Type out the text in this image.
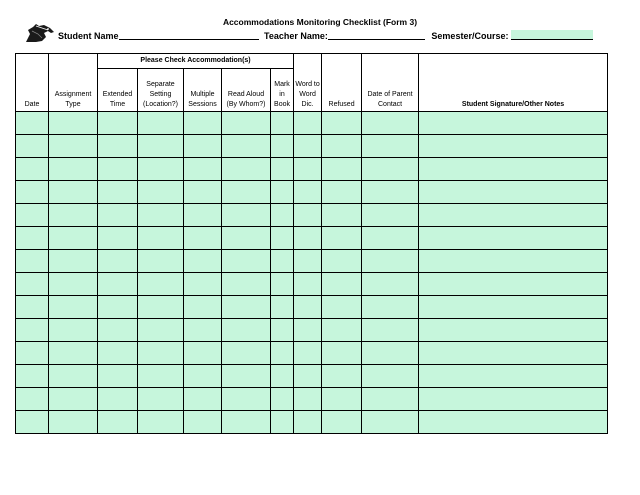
Accommodations Monitoring Checklist (Form 3)
Student Name	Teacher Name:	Semester/Course:
Date	Assignment Type	Please Check Accommodation(s)					Word to Word Dic.	Refused	Date of Parent Contact	Student Signature/Other Notes
		Extended Time	Separate Setting (Location?)	Multiple Sessions	Read Aloud (By Whom?)	Mark in Book				
